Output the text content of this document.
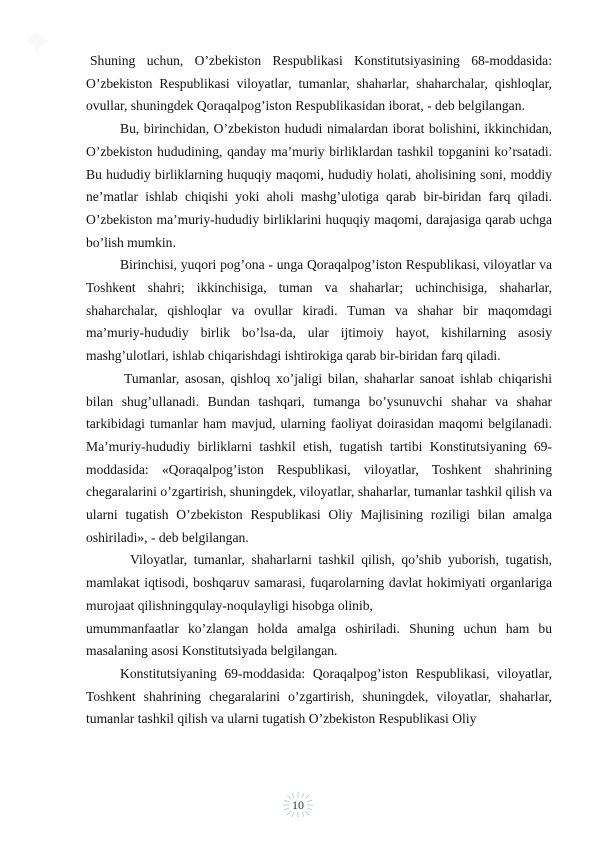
✦	Shuning uchun, O’zbekiston Respublikasi Konstitutsiyasining 68-moddasida: O’zbekiston Respublikasi viloyatlar, tumanlar, shaharlar, shaharchalar, qishloqlar, ovullar, shuningdek Qoraqalpog’iston Respublikasidan iborat, - deb belgilangan.

Bu, birinchidan, O’zbekiston hududi nimalardan iborat bolishini, ikkinchidan, O’zbekiston hududining, qanday ma’muriy birliklardan tashkil topganini ko’rsatadi. Bu hududiy birliklarning huquqiy maqomi, hududiy holati, aholisining soni, moddiy ne’matlar ishlab chiqishi yoki aholi mashg’ulotiga qarab bir-biridan farq qiladi. O’zbekiston ma’muriy-hududiy birliklarini huquqiy maqomi, darajasiga qarab uchga bo’lish mumkin.

Birinchisi, yuqori pog’ona - unga Qoraqalpog’iston Respublikasi, viloyatlar va Toshkent shahri; ikkinchisiga, tuman va shaharlar; uchinchisiga, shaharlar, shaharchalar, qishloqlar va ovullar kiradi. Tuman va shahar bir maqomdagi ma’muriy-hududiy birlik bo’lsa-da, ular ijtimoiy hayot, kishilarning asosiy mashg’ulotlari, ishlab chiqarishdagi ishtirokiga qarab bir-biridan farq qiladi.

Tumanlar, asosan, qishloq xo’jaligi bilan, shaharlar sanoat ishlab chiqarishi bilan shug’ullanadi. Bundan tashqari, tumanga bo’ysunuvchi shahar va shahar tarkibidagi tumanlar ham mavjud, ularning faoliyat doirasidan maqomi belgilanadi. Ma’muriy-hududiy birliklarni tashkil etish, tugatish tartibi Konstitutsiyaning 69-moddasida: «Qoraqalpog’iston Respublikasi, viloyatlar, Toshkent shahrining chegaralarini o’zgartirish, shuningdek, viloyatlar, shaharlar, tumanlar tashkil qilish va ularni tugatish O’zbekiston Respublikasi Oliy Majlisining roziligi bilan amalga oshiriladi», - deb belgilangan.

Viloyatlar, tumanlar, shaharlarni tashkil qilish, qo’shib yuborish, tugatish, mamlakat iqtisodi, boshqaruv samarasi, fuqarolarning davlat hokimiyati organlariga murojaat qilishningqulay-noqulayligi hisobga olinib,

umummanfaatlar ko’zlangan holda amalga oshiriladi. Shuning uchun ham bu masalaning asosi Konstitutsiyada belgilangan.

Konstitutsiyaning 69-moddasida: Qoraqalpog’iston Respublikasi, viloyatlar, Toshkent shahrining chegaralarini o’zgartirish, shuningdek, viloyatlar, shaharlar, tumanlar tashkil qilish va ularni tugatish O’zbekiston Respublikasi Oliy

10
